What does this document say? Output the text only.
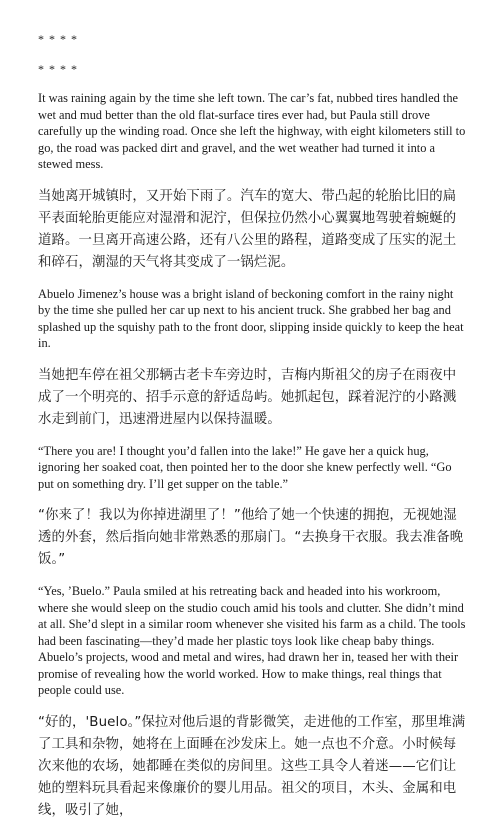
* * * *

* * * *

It was raining again by the time she left town. The car’s fat, nubbed tires handled the wet and mud better than the old flat-surface tires ever had, but Paula still drove carefully up the winding road. Once she left the highway, with eight kilometers still to go, the road was packed dirt and gravel, and the wet weather had turned it into a stewed mess.

当她离开城镇时，又开始下雨了。汽车的宽大、带凸起的轮胎比旧的扁平表面轮胎更能应对湿滑和泥泞，但保拉仍然小心翼翼地驾驶着蜿蜒的道路。一旦离开高速公路，还有八公里的路程，道路变成了压实的泥土和碎石，潮湿的天气将其变成了一锅烂泥。

Abuelo Jimenez’s house was a bright island of beckoning comfort in the rainy night by the time she pulled her car up next to his ancient truck. She grabbed her bag and splashed up the squishy path to the front door, slipping inside quickly to keep the heat in.

当她把车停在祖父那辆古老卡车旁边时，吉梅内斯祖父的房子在雨夜中成了一个明亮的、招手示意的舒适岛屿。她抓起包，踩着泥泞的小路溅水走到前门，迅速滑进屋内以保持温暖。

“There you are! I thought you’d fallen into the lake!” He gave her a quick hug, ignoring her soaked coat, then pointed her to the door she knew perfectly well. “Go put on something dry. I’ll get supper on the table.”

“你来了！我以为你掉进湖里了！”他给了她一个快速的拥抱，无视她湿透的外套，然后指向她非常熟悉的那扇门。“去换身干衣服。我去准备晚饭。”

“Yes, ’Buelo.” Paula smiled at his retreating back and headed into his workroom, where she would sleep on the studio couch amid his tools and clutter. She didn’t mind at all. She’d slept in a similar room whenever she visited his farm as a child. The tools had been fascinating—they’d made her plastic toys look like cheap baby things. Abuelo’s projects, wood and metal and wires, had drawn her in, teased her with their promise of revealing how the world worked. How to make things, real things that people could use.

“好的，'Buelo。”保拉对他后退的背影微笑，走进他的工作室，那里堆满了工具和杂物，她将在上面睡在沙发床上。她一点也不介意。小时候每次来他的农场，她都睡在类似的房间里。这些工具令人着迷——它们让她的塑料玩具看起来像廉价的婴儿用品。祖父的项目，木头、金属和电线，吸引了她，
